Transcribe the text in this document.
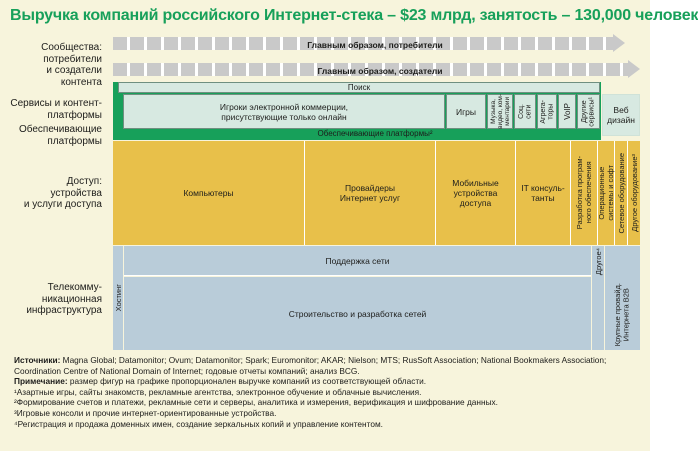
Выручка компаний российского Интернет-стека – $23 млрд, занятость – 130,000 человек
Сообщества:
потребители
и создатели
контента
Сервисы и контент-
платформы
Обеспечивающие
платформы
Доступ:
устройства
и услуги доступа
Телекомму-
никационная
инфраструктура
Главным образом, потребители
Главным образом, создатели
Поиск
Игроки электронной коммерции,
присутствующие только онлайн	Игры	Музыка,
видео, ком-
ментарии Соц.
сети Агрега-
торы VoIP Другие
сервисы¹	Веб
дизайн
Обеспечивающие платформы²
Компьютеры	Провайдеры
Интернет услуг
Мобильные
устройства
доступа
IT консуль-
танты	Разработка програм-
ного обеспечения Операционные
системы и софт Сетевое оборудование Другое оборудование³
Хостинг
Поддержка сети
Строительство и разработка сетей
Другое⁴
Крупные провайд.
Интернета B2B
Источники: Magna Global; Datamonitor; Ovum; Datamonitor; Spark; Euromonitor; AKAR; Nielson; MTS; RusSoft Association; National Bookmakers Association; Coordination Centre of National Domain of Internet; годовые отчеты компаний; анализ BCG.
Примечание: размер фигур на графике пропорционален выручке компаний из соответствующей области.
¹Азартные игры, сайты знакомств, рекламные агентства, электронное обучение и облачные вычисления.
²Формирование счетов и платежи, рекламные сети и серверы, аналитика и измерения, верификация и шифрование данных.
³Игровые консоли и прочие интернет-ориентированные устройства.
⁴Регистрация и продажа доменных имен, создание зеркальных копий и управление контентом.
